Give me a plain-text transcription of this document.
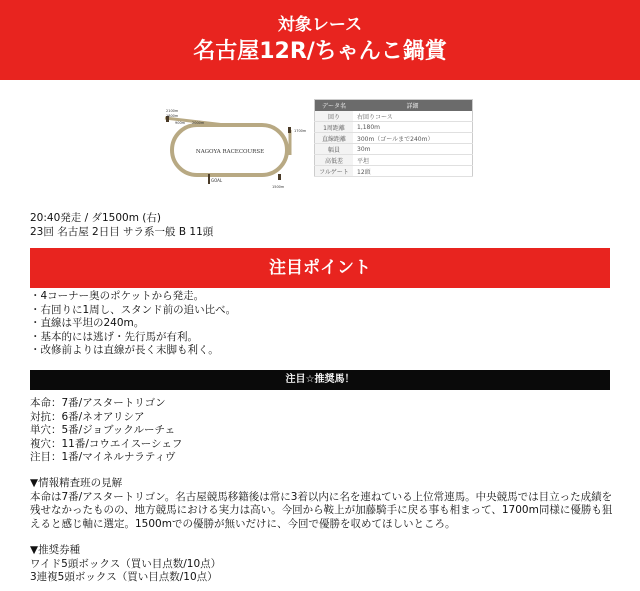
対象レース
名古屋12R/ちゃんこ鍋賞
NAGOYA RACECOURSE
GOAL
2100m
1800m
900m 2000m
1700m
1500m
データ名	詳細
回り	右回りコース
1周距離	1,180m
直線距離	300m（ゴールまで240m）
幅員	30m
高低差	平坦
フルゲート	12頭
20:40発走 / ダ1500m (右)
23回 名古屋 2日目 サラ系一般 B 11頭
注目ポイント
・4コーナー奥のポケットから発走。
・右回りに1周し、スタンド前の追い比べ。
・直線は平坦の240m。
・基本的には逃げ・先行馬が有利。
・改修前よりは直線が長く末脚も利く。
注目☆推奨馬！
本命：7番/アスタートリゴン
対抗：6番/ネオアリシア
単穴：5番/ジョブックルーチェ
複穴：11番/コウエイスーシェフ
注目：1番/マイネルナラティヴ
▼情報精査班の見解
本命は7番/アスタートリゴン。名古屋競馬移籍後は常に3着以内に名を連ねている上位常連馬。中央競馬では目立った成績を残せなかったものの、地方競馬における実力は高い。今回から鞍上が加藤騎手に戻る事も相まって、1700m同様に優勝も狙えると感じ軸に選定。1500mでの優勝が無いだけに、今回で優勝を収めてほしいところ。
▼推奨券種
ワイド5頭ボックス（買い目点数/10点）
3連複5頭ボックス（買い目点数/10点）
